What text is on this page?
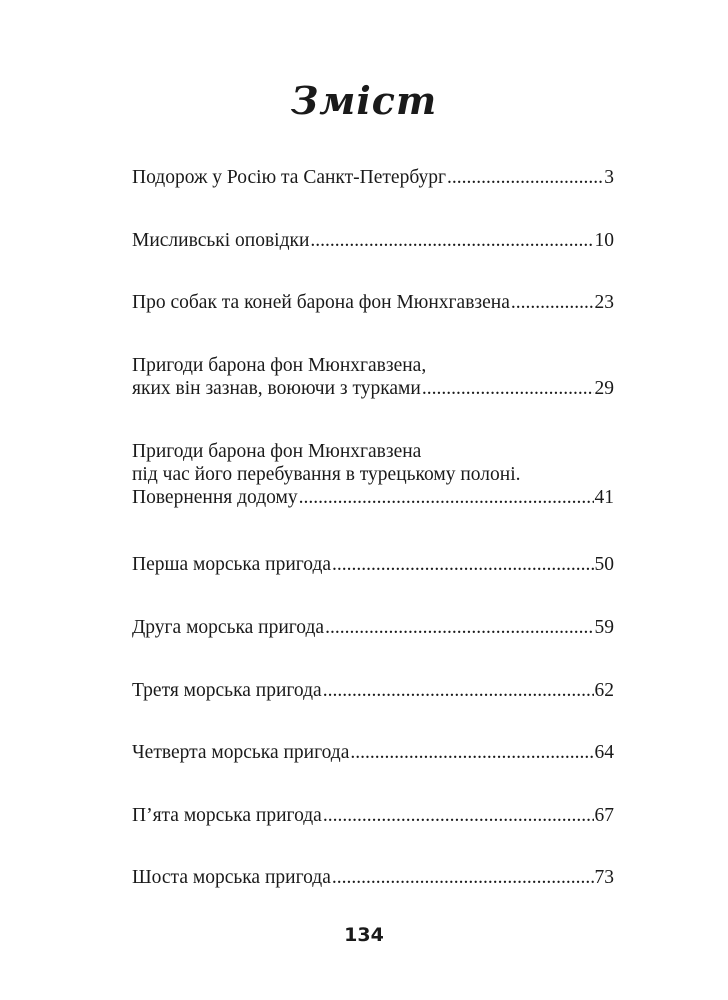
Зміст
Подорож у Росію та Санкт-Петербург .....	3
Мисливські оповідки .....	10
Про собак та коней барона фон Мюнхгавзена .....	23
Пригоди барона фон Мюнхгавзена,
яких він зазнав, воюючи з турками .....	29
Пригоди барона фон Мюнхгавзена
під час його перебування в турецькому полоні.
Повернення додому .....	41
Перша морська пригода .....	50
Друга морська пригода .....	59
Третя морська пригода .....	62
Четверта морська пригода .....	64
П’ята морська пригода .....	67
Шоста морська пригода .....	73
134
